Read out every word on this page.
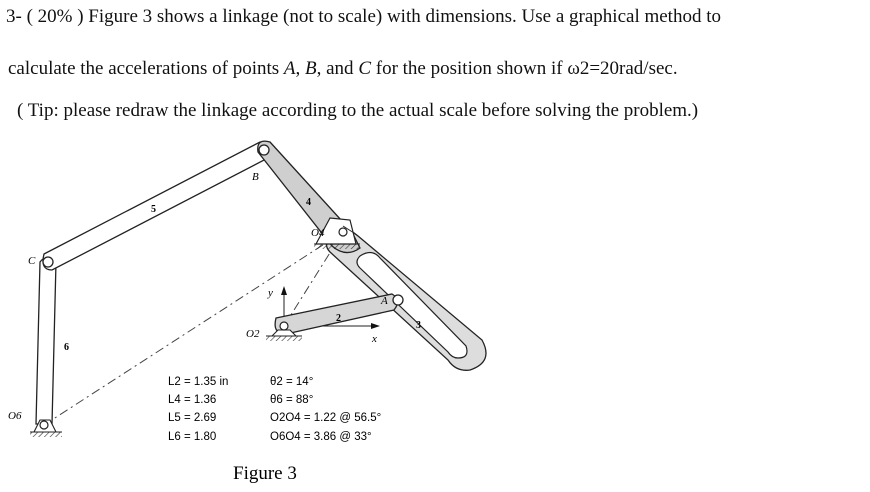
3- ( 20% ) Figure 3 shows a linkage (not to scale) with dimensions. Use a graphical method to
calculate the accelerations of points A, B, and C for the position shown if ω2=20rad/sec.
( Tip: please redraw the linkage according to the actual scale before solving the problem.)
C
B
A
O2
O4
O6
x
y
2
3
4
5
6
L2 = 1.35 in
L4 = 1.36
L5 = 2.69
L6 = 1.80
θ2 = 14°
θ6 = 88°
O2O4 = 1.22 @ 56.5°
O6O4 = 3.86 @ 33°
Figure 3
